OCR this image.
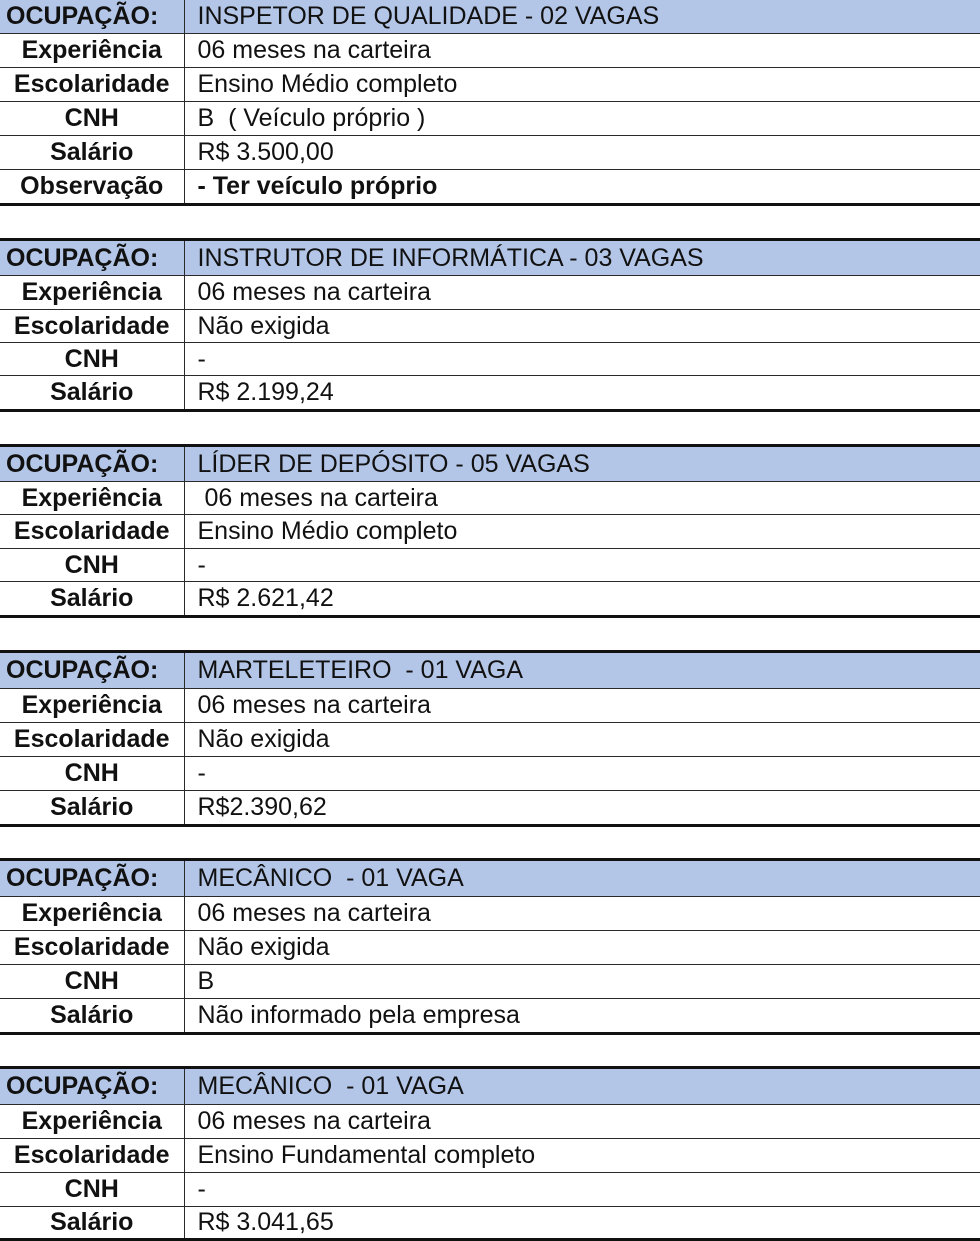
OCUPAÇÃO:	INSPETOR DE QUALIDADE - 02 VAGAS
Experiência	06 meses na carteira
Escolaridade	Ensino Médio completo
CNH	B  ( Veículo próprio )
Salário	R$ 3.500,00
Observação	- Ter veículo próprio
OCUPAÇÃO:	INSTRUTOR DE INFORMÁTICA - 03 VAGAS
Experiência	06 meses na carteira
Escolaridade	Não exigida
CNH	-
Salário	R$ 2.199,24
OCUPAÇÃO:	LÍDER DE DEPÓSITO - 05 VAGAS
Experiência	06 meses na carteira
Escolaridade	Ensino Médio completo
CNH	-
Salário	R$ 2.621,42
OCUPAÇÃO:	MARTELETEIRO  - 01 VAGA
Experiência	06 meses na carteira
Escolaridade	Não exigida
CNH	-
Salário	R$2.390,62
OCUPAÇÃO:	MECÂNICO  - 01 VAGA
Experiência	06 meses na carteira
Escolaridade	Não exigida
CNH	B
Salário	Não informado pela empresa
OCUPAÇÃO:	MECÂNICO  - 01 VAGA
Experiência	06 meses na carteira
Escolaridade	Ensino Fundamental completo
CNH	-
Salário	R$ 3.041,65
